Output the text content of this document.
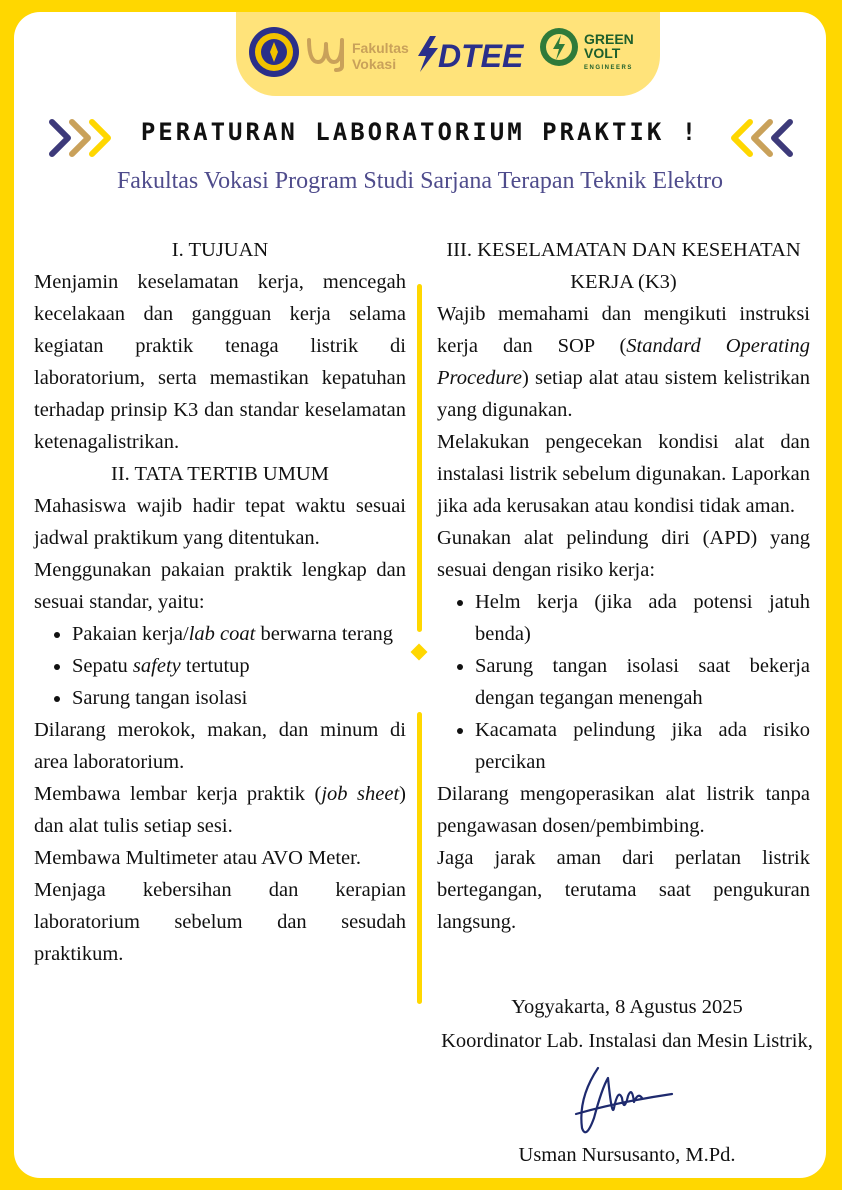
Fakultas
Vokasi	DTEE	GREEN
VOLT
ENGINEERS
PERATURAN LABORATORIUM PRAKTIK !
Fakultas Vokasi Program Studi Sarjana Terapan Teknik Elektro

I. TUJUAN

Menjamin keselamatan kerja, mencegah kecelakaan dan gangguan kerja selama kegiatan praktik tenaga listrik di laboratorium, serta memastikan kepatuhan terhadap prinsip K3 dan standar keselamatan ketenagalistrikan.

II. TATA TERTIB UMUM

Mahasiswa wajib hadir tepat waktu sesuai jadwal praktikum yang ditentukan.

Menggunakan pakaian praktik lengkap dan sesuai standar, yaitu:

• Pakaian kerja/lab coat berwarna terang
• Sepatu safety tertutup
• Sarung tangan isolasi

Dilarang merokok, makan, dan minum di area laboratorium.

Membawa lembar kerja praktik (job sheet) dan alat tulis setiap sesi.

Membawa Multimeter atau AVO Meter.

Menjaga kebersihan dan kerapian laboratorium sebelum dan sesudah praktikum.

III. KESELAMATAN DAN KESEHATAN
KERJA (K3)

Wajib memahami dan mengikuti instruksi kerja dan SOP (Standard Operating Procedure) setiap alat atau sistem kelistrikan yang digunakan.

Melakukan pengecekan kondisi alat dan instalasi listrik sebelum digunakan. Laporkan jika ada kerusakan atau kondisi tidak aman.

Gunakan alat pelindung diri (APD) yang sesuai dengan risiko kerja:

• Helm kerja (jika ada potensi jatuh benda)
• Sarung tangan isolasi saat bekerja dengan tegangan menengah
• Kacamata pelindung jika ada risiko percikan

Dilarang mengoperasikan alat listrik tanpa pengawasan dosen/pembimbing.

Jaga jarak aman dari perlatan listrik bertegangan, terutama saat pengukuran langsung.

Yogyakarta, 8 Agustus 2025
Koordinator Lab. Instalasi dan Mesin Listrik,
Usman Nursusanto, M.Pd.
